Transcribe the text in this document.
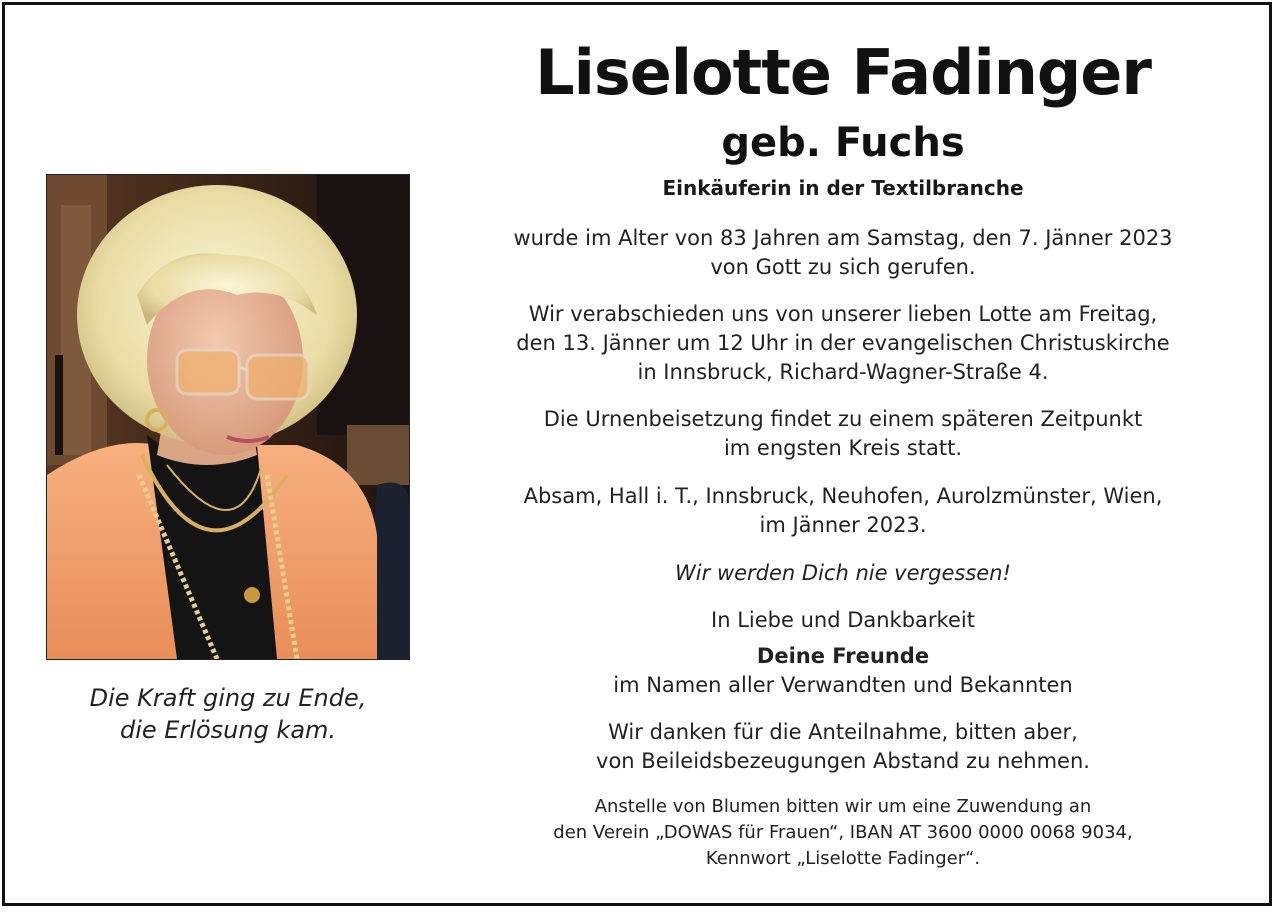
Die Kraft ging zu Ende,
die Erlösung kam.
Liselotte Fadinger
geb. Fuchs
Einkäuferin in der Textilbranche
wurde im Alter von 83 Jahren am Samstag, den 7. Jänner 2023
von Gott zu sich gerufen.
Wir verabschieden uns von unserer lieben Lotte am Freitag,
den 13. Jänner um 12 Uhr in der evangelischen Christuskirche
in Innsbruck, Richard-Wagner-Straße 4.
Die Urnenbeisetzung findet zu einem späteren Zeitpunkt
im engsten Kreis statt.
Absam, Hall i. T., Innsbruck, Neuhofen, Aurolzmünster, Wien,
im Jänner 2023.
Wir werden Dich nie vergessen!
In Liebe und Dankbarkeit
Deine Freunde
im Namen aller Verwandten und Bekannten
Wir danken für die Anteilnahme, bitten aber,
von Beileidsbezeugungen Abstand zu nehmen.
Anstelle von Blumen bitten wir um eine Zuwendung an
den Verein „DOWAS für Frauen“, IBAN AT 3600 0000 0068 9034,
Kennwort „Liselotte Fadinger“.
